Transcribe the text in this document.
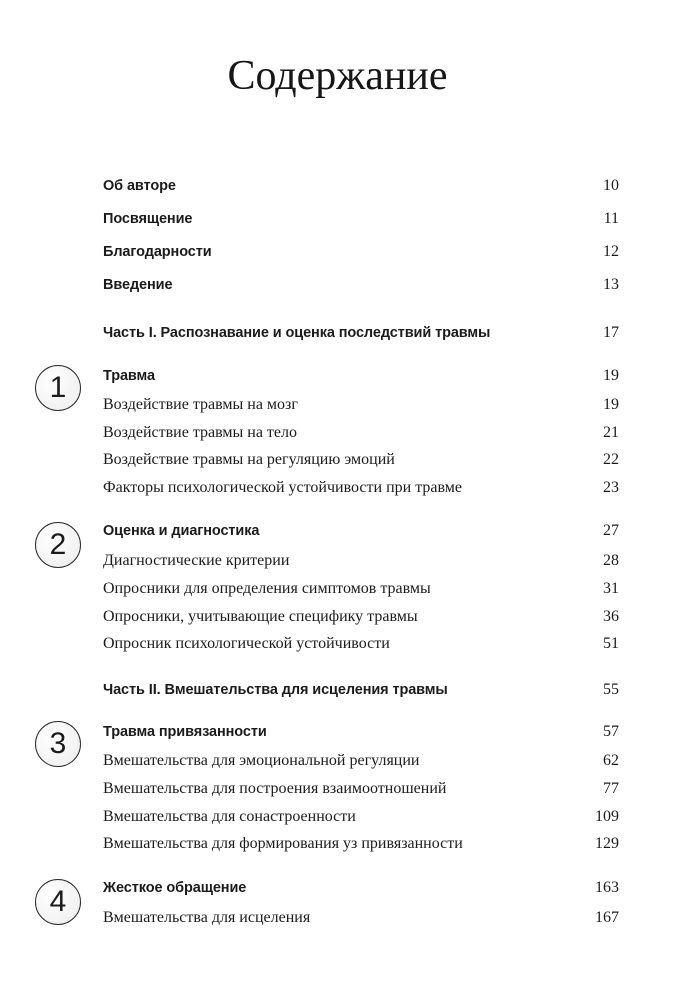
Содержание
Об авторе	10
Посвящение	11
Благодарности	12
Введение	13
Часть I. Распознавание и оценка последствий травмы	17
1	Травма	19
Воздействие травмы на мозг	19
Воздействие травмы на тело	21
Воздействие травмы на регуляцию эмоций	22
Факторы психологической устойчивости при травме	23
2	Оценка и диагностика	27
Диагностические критерии	28
Опросники для определения симптомов травмы	31
Опросники, учитывающие специфику травмы	36
Опросник психологической устойчивости	51
Часть II. Вмешательства для исцеления травмы	55
3	Травма привязанности	57
Вмешательства для эмоциональной регуляции	62
Вмешательства для построения взаимоотношений	77
Вмешательства для сонастроенности	109
Вмешательства для формирования уз привязанности	129
4	Жесткое обращение	163
Вмешательства для исцеления	167
